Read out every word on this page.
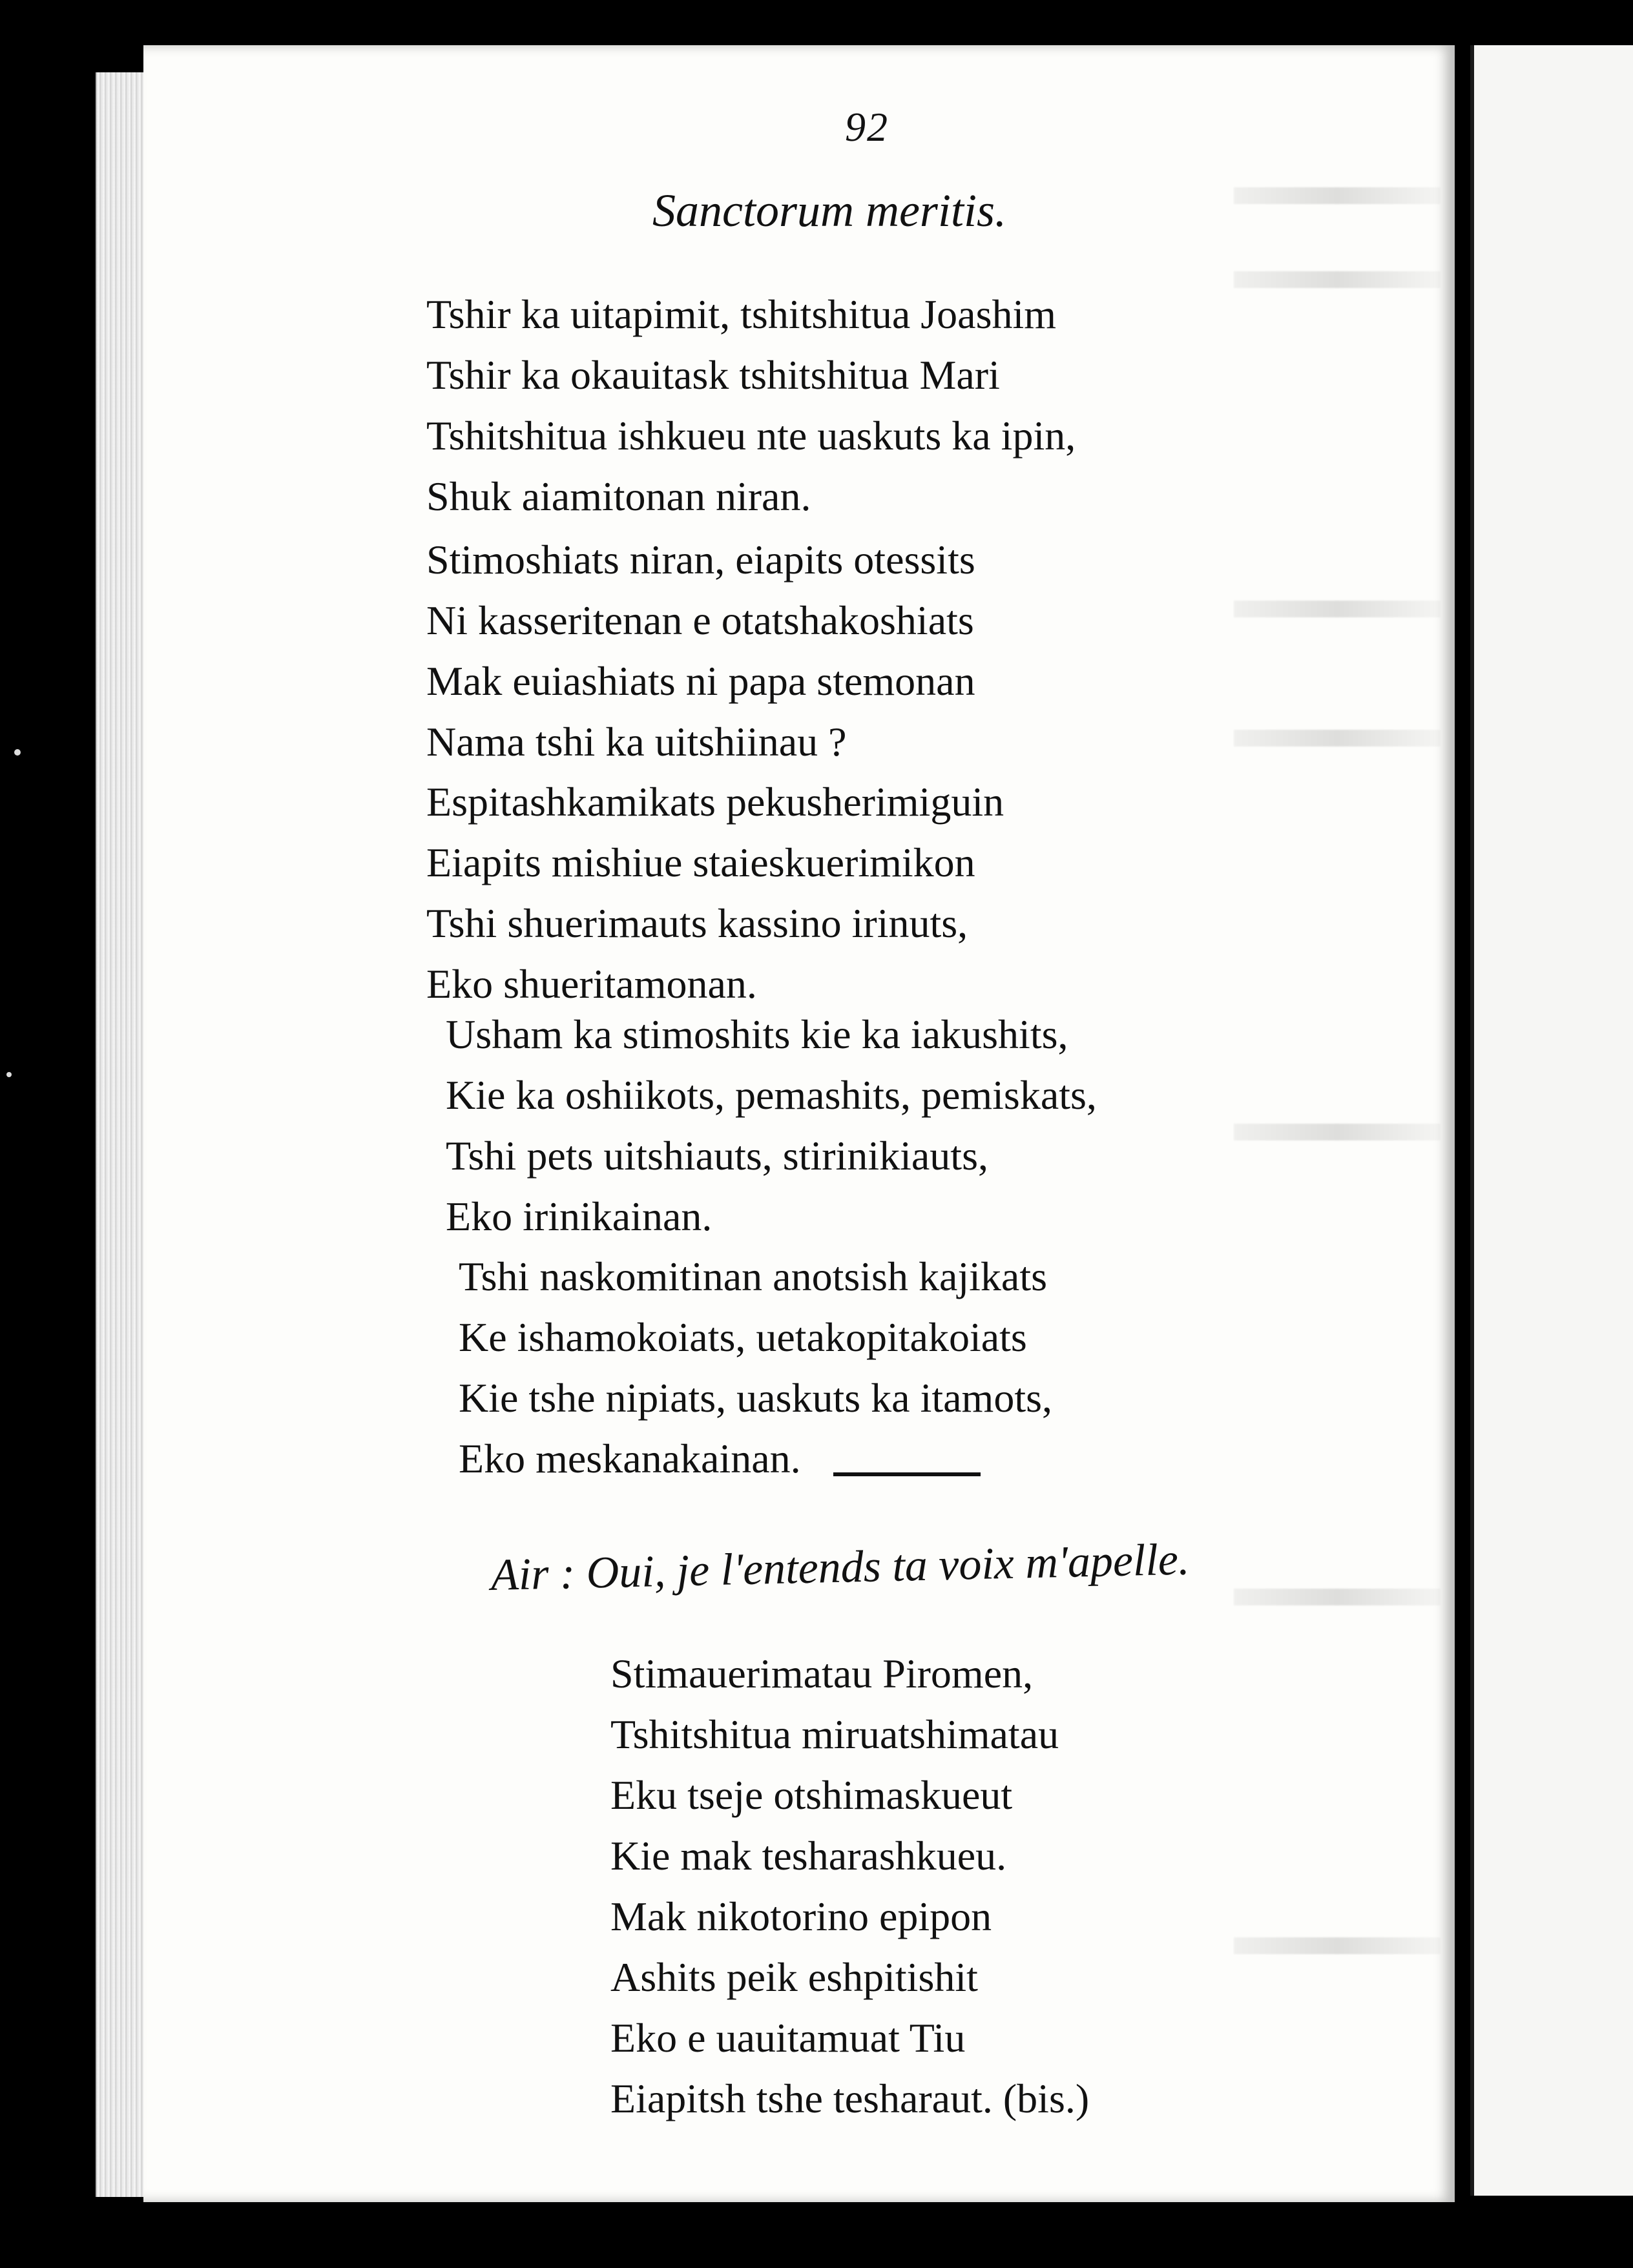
92
Sanctorum meritis.
Tshir ka uitapimit, tshitshitua Joashim
Tshir ka okauitask tshitshitua Mari
Tshitshitua ishkueu nte uaskuts ka ipin,
Shuk aiamitonan niran.
Stimoshiats niran, eiapits otessits
Ni kasseritenan e otatshakoshiats
Mak euiashiats ni papa stemonan
Nama tshi ka uitshiinau ?
Espitashkamikats pekusherimiguin
Eiapits mishiue staieskuerimikon
Tshi shuerimauts kassino irinuts,
Eko shueritamonan.
Usham ka stimoshits kie ka iakushits,
Kie ka oshiikots, pemashits, pemiskats,
Tshi pets uitshiauts, stirinikiauts,
Eko irinikainan.
Tshi naskomitinan anotsish kajikats
Ke ishamokoiats, uetakopitakoiats
Kie tshe nipiats, uaskuts ka itamots,
Eko meskanakainan.
Air : Oui, je l'entends ta voix m'apelle.
Stimauerimatau Piromen,
Tshitshitua miruatshimatau
Eku tseje otshimaskueut
Kie mak tesharashkueu.
Mak nikotorino epipon
Ashits peik eshpitishit
Eko e uauitamuat Tiu
Eiapitsh tshe tesharaut. (bis.)
